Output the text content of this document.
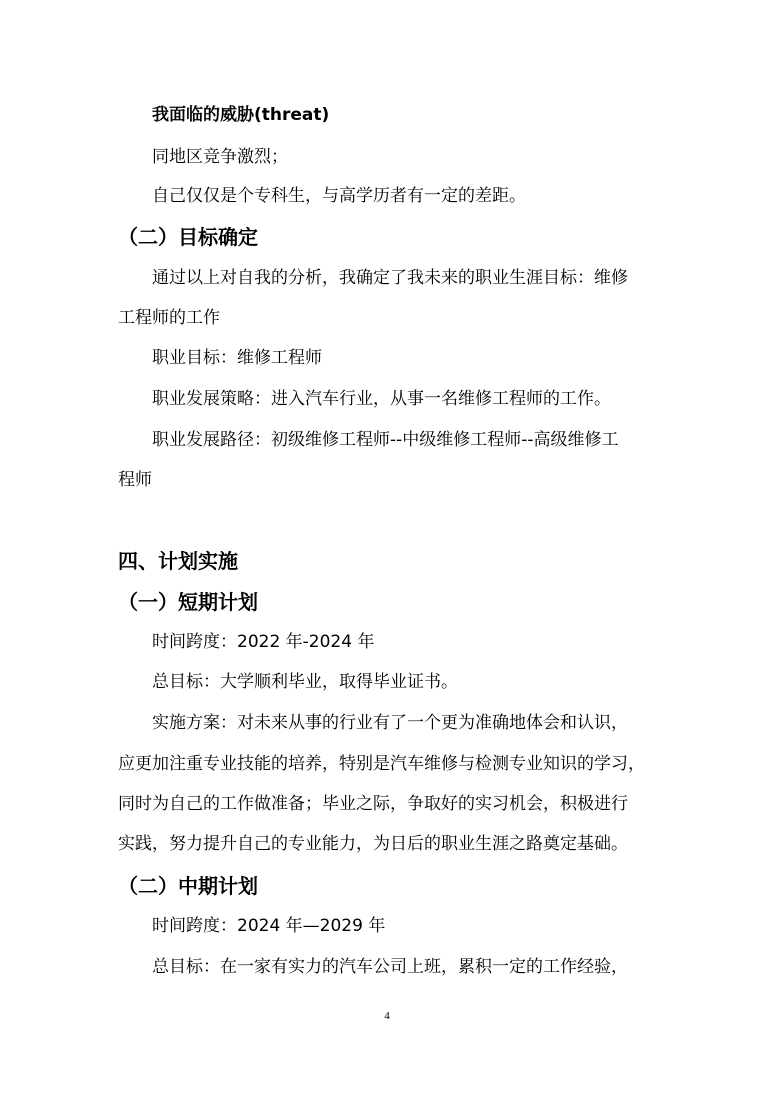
我面临的威胁(threat)
同地区竞争激烈；
自己仅仅是个专科生，与高学历者有一定的差距。
（二）目标确定
通过以上对自我的分析，我确定了我未来的职业生涯目标：维修
工程师的工作
职业目标：维修工程师
职业发展策略：进入汽车行业，从事一名维修工程师的工作。
职业发展路径：初级维修工程师--中级维修工程师--高级维修工
程师
四、计划实施
（一）短期计划
时间跨度：2022 年-2024 年
总目标：大学顺利毕业，取得毕业证书。
实施方案：对未来从事的行业有了一个更为准确地体会和认识，
应更加注重专业技能的培养，特别是汽车维修与检测专业知识的学习，
同时为自己的工作做准备；毕业之际，争取好的实习机会，积极进行
实践，努力提升自己的专业能力，为日后的职业生涯之路奠定基础。
（二）中期计划
时间跨度：2024 年—2029 年
总目标：在一家有实力的汽车公司上班，累积一定的工作经验，
4
